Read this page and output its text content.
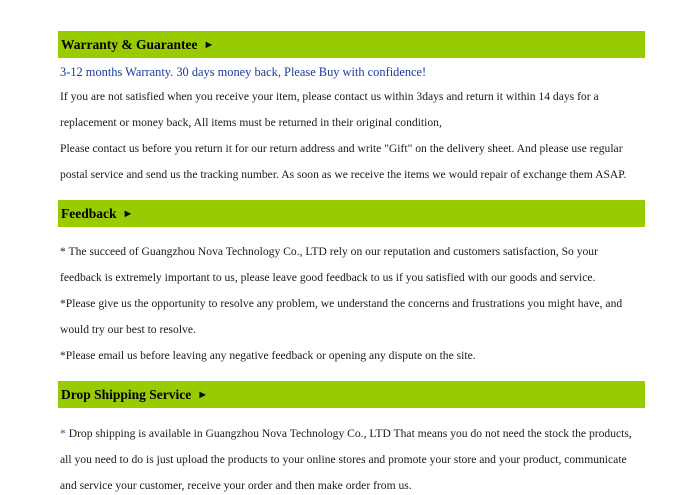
Warranty & Guarantee ►
3-12 months Warranty. 30 days money back, Please Buy with confidence!
If you are not satisfied when you receive your item, please contact us within 3days and return it within 14 days for a
replacement or money back, All items must be returned in their original condition,
Please contact us before you return it for our return address and write "Gift" on the delivery sheet. And please use regular
postal service and send us the tracking number. As soon as we receive the items we would repair of exchange them ASAP.
Feedback ►
* The succeed of Guangzhou Nova Technology Co., LTD rely on our reputation and customers satisfaction, So your
feedback is extremely important to us, please leave good feedback to us if you satisfied with our goods and service.
*Please give us the opportunity to resolve any problem, we understand the concerns and frustrations you might have, and
would try our best to resolve.
*Please email us before leaving any negative feedback or opening any dispute on the site.
Drop Shipping Service ►
* Drop shipping is available in Guangzhou Nova Technology Co., LTD That means you do not need the stock the products,
all you need to do is just upload the products to your online stores and promote your store and your product, communicate
and service your customer, receive your order and then make order from us.
